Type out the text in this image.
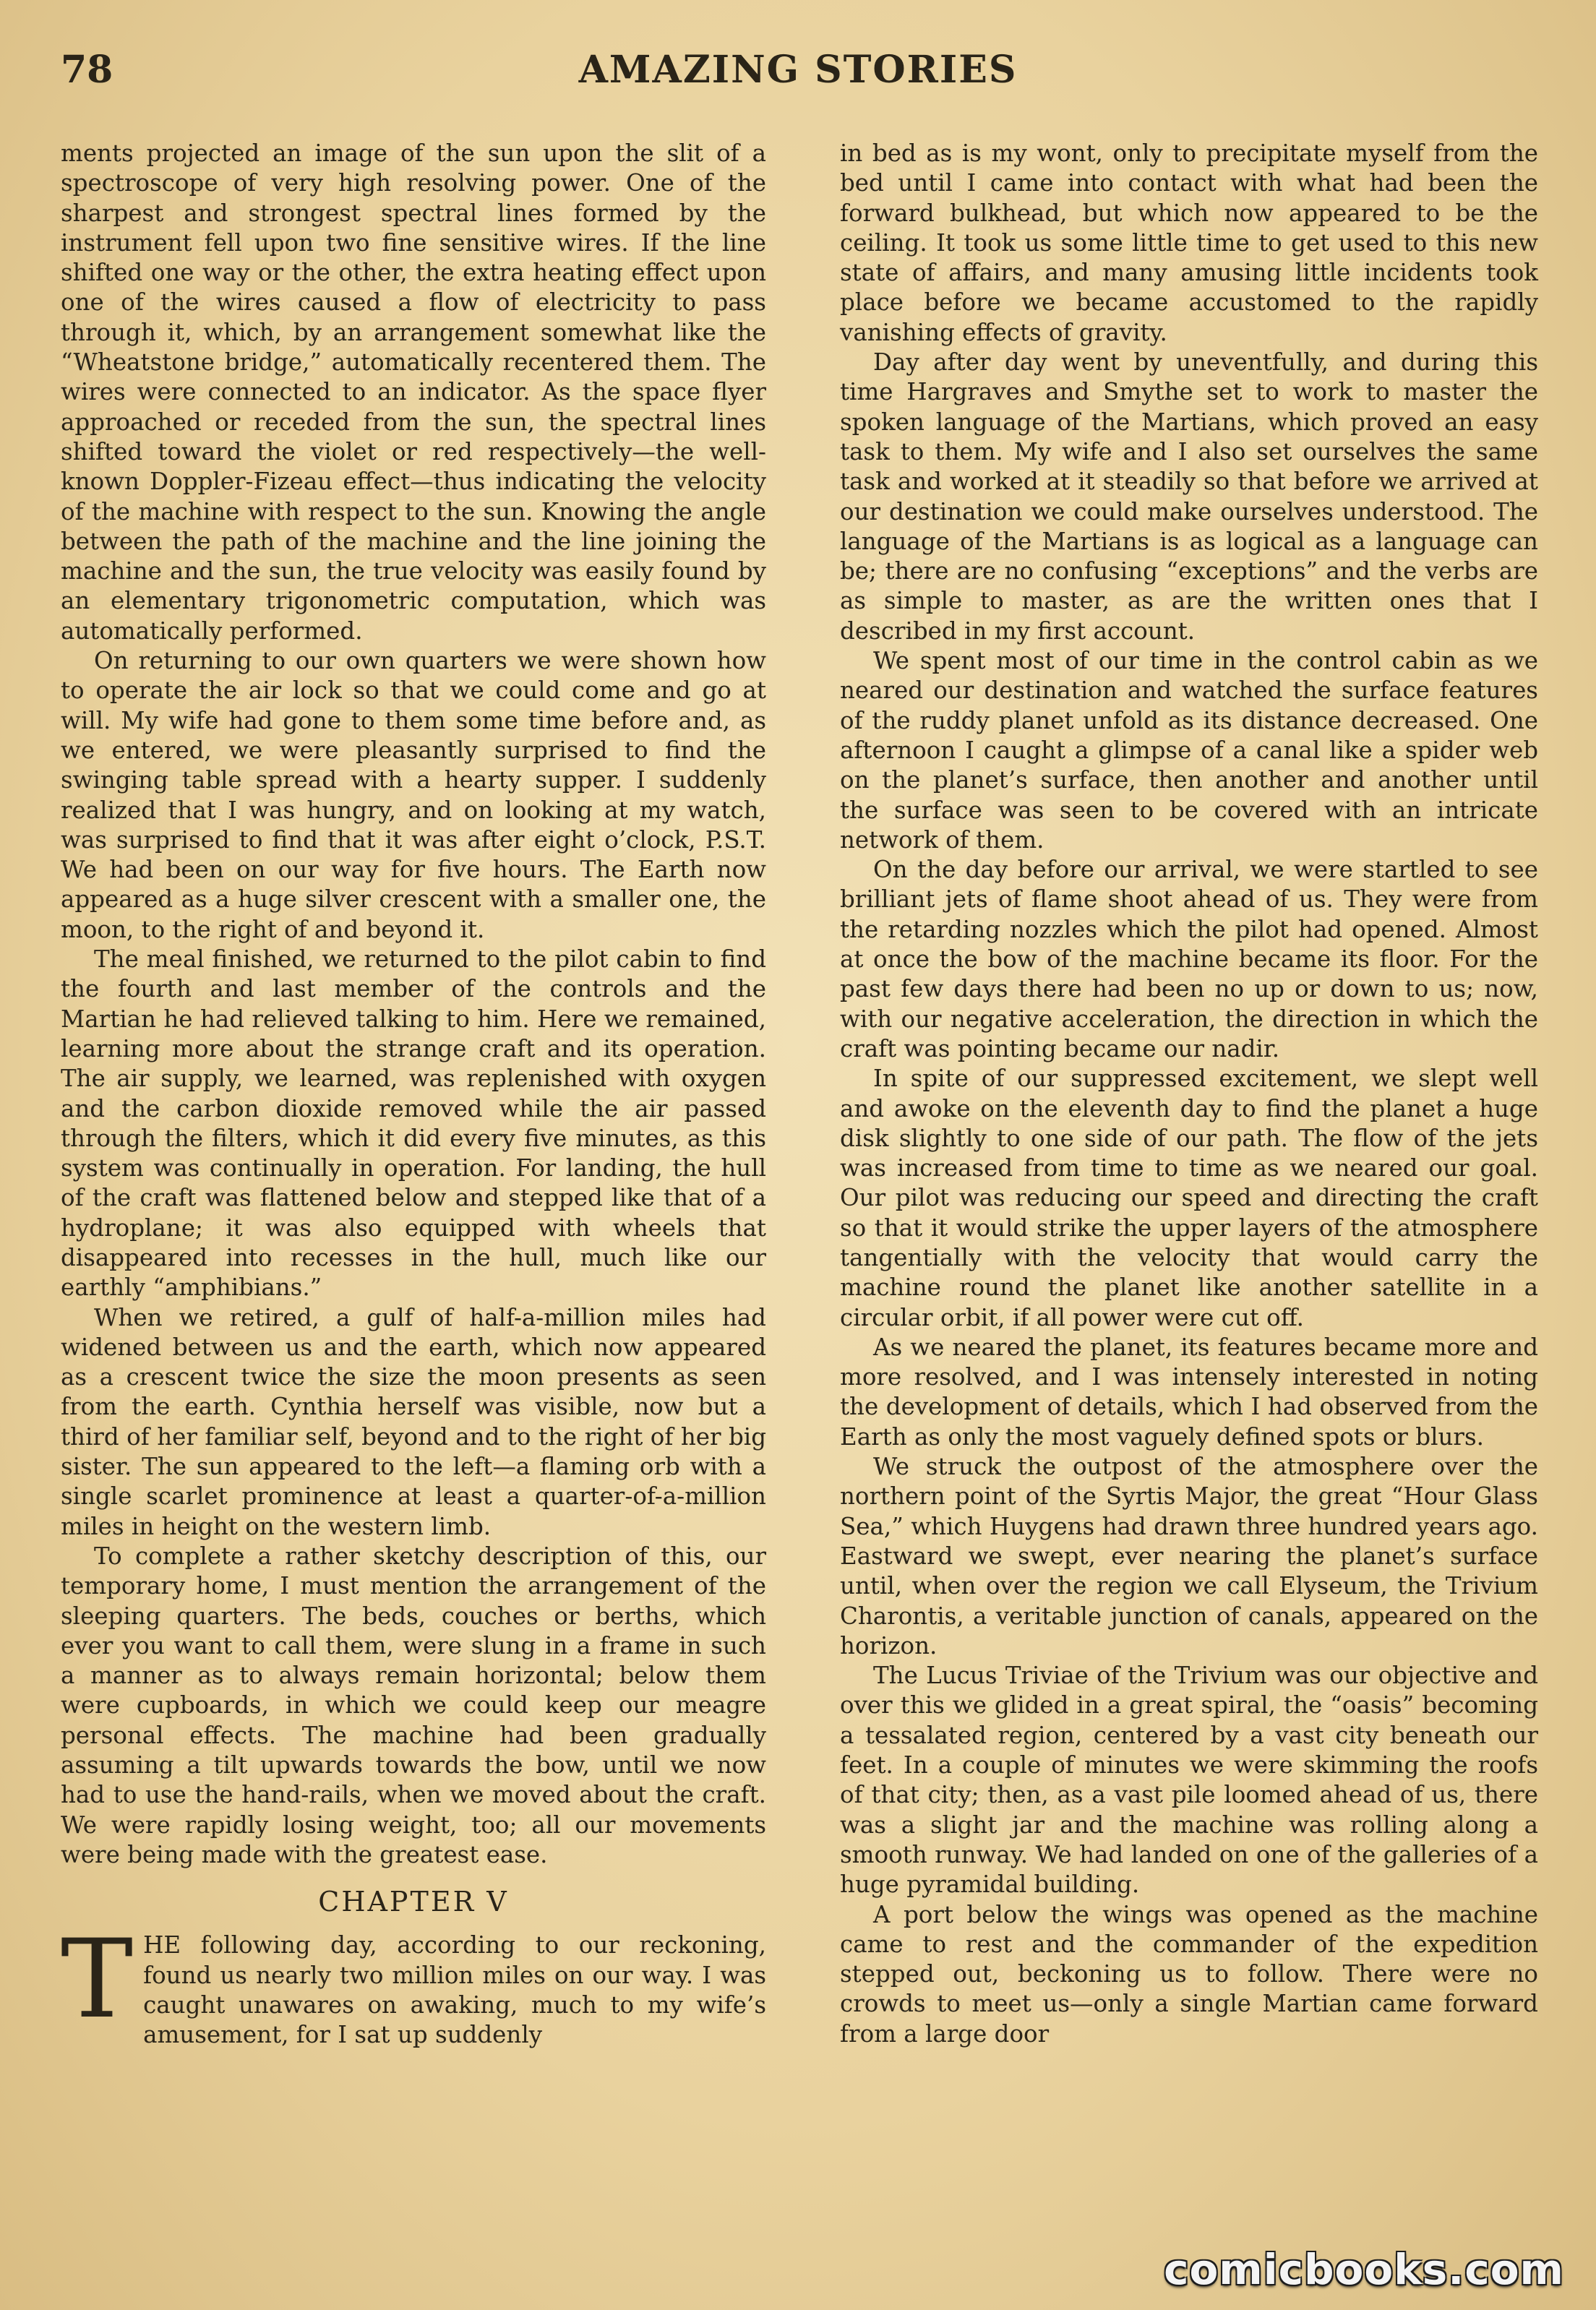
78	AMAZING STORIES

ments projected an image of the sun upon the slit of a spectroscope of very high resolving power. One of the sharpest and strongest spectral lines formed by the instrument fell upon two fine sensitive wires. If the line shifted one way or the other, the extra heating effect upon one of the wires caused a flow of electricity to pass through it, which, by an arrangement somewhat like the “Wheatstone bridge,” automatically recentered them. The wires were connected to an indicator. As the space flyer approached or receded from the sun, the spectral lines shifted toward the violet or red respectively—the well-known Doppler-Fizeau effect—thus indicating the velocity of the machine with respect to the sun. Knowing the angle between the path of the machine and the line joining the machine and the sun, the true velocity was easily found by an elementary trigonometric computation, which was automatically performed.

On returning to our own quarters we were shown how to operate the air lock so that we could come and go at will. My wife had gone to them some time before and, as we entered, we were pleasantly surprised to find the swinging table spread with a hearty supper. I suddenly realized that I was hungry, and on looking at my watch, was surprised to find that it was after eight o’clock, P.S.T. We had been on our way for five hours. The Earth now appeared as a huge silver crescent with a smaller one, the moon, to the right of and beyond it.

The meal finished, we returned to the pilot cabin to find the fourth and last member of the controls and the Martian he had relieved talking to him. Here we remained, learning more about the strange craft and its operation. The air supply, we learned, was replenished with oxygen and the carbon dioxide removed while the air passed through the filters, which it did every five minutes, as this system was continually in operation. For landing, the hull of the craft was flattened below and stepped like that of a hydroplane; it was also equipped with wheels that disappeared into recesses in the hull, much like our earthly “amphibians.”

When we retired, a gulf of half-a-million miles had widened between us and the earth, which now appeared as a crescent twice the size the moon presents as seen from the earth. Cynthia herself was visible, now but a third of her familiar self, beyond and to the right of her big sister. The sun appeared to the left—a flaming orb with a single scarlet prominence at least a quarter-of-a-million miles in height on the western limb.

To complete a rather sketchy description of this, our temporary home, I must mention the arrangement of the sleeping quarters. The beds, couches or berths, which ever you want to call them, were slung in a frame in such a manner as to always remain horizontal; below them were cupboards, in which we could keep our meagre personal effects. The machine had been gradually assuming a tilt upwards towards the bow, until we now had to use the hand-rails, when we moved about the craft. We were rapidly losing weight, too; all our movements were being made with the greatest ease.

CHAPTER V

THE following day, according to our reckoning, found us nearly two million miles on our way. I was caught unawares on awaking, much to my wife’s amusement, for I sat up suddenly

in bed as is my wont, only to precipitate myself from the bed until I came into contact with what had been the forward bulkhead, but which now appeared to be the ceiling. It took us some little time to get used to this new state of affairs, and many amusing little incidents took place before we became accustomed to the rapidly vanishing effects of gravity.

Day after day went by uneventfully, and during this time Hargraves and Smythe set to work to master the spoken language of the Martians, which proved an easy task to them. My wife and I also set ourselves the same task and worked at it steadily so that before we arrived at our destination we could make ourselves understood. The language of the Martians is as logical as a language can be; there are no confusing “exceptions” and the verbs are as simple to master, as are the written ones that I described in my first account.

We spent most of our time in the control cabin as we neared our destination and watched the surface features of the ruddy planet unfold as its distance decreased. One afternoon I caught a glimpse of a canal like a spider web on the planet’s surface, then another and another until the surface was seen to be covered with an intricate network of them.

On the day before our arrival, we were startled to see brilliant jets of flame shoot ahead of us. They were from the retarding nozzles which the pilot had opened. Almost at once the bow of the machine became its floor. For the past few days there had been no up or down to us; now, with our negative acceleration, the direction in which the craft was pointing became our nadir.

In spite of our suppressed excitement, we slept well and awoke on the eleventh day to find the planet a huge disk slightly to one side of our path. The flow of the jets was increased from time to time as we neared our goal. Our pilot was reducing our speed and directing the craft so that it would strike the upper layers of the atmosphere tangentially with the velocity that would carry the machine round the planet like another satellite in a circular orbit, if all power were cut off.

As we neared the planet, its features became more and more resolved, and I was intensely interested in noting the development of details, which I had observed from the Earth as only the most vaguely defined spots or blurs.

We struck the outpost of the atmosphere over the northern point of the Syrtis Major, the great “Hour Glass Sea,” which Huygens had drawn three hundred years ago. Eastward we swept, ever nearing the planet’s surface until, when over the region we call Elyseum, the Trivium Charontis, a veritable junction of canals, appeared on the horizon.

The Lucus Triviae of the Trivium was our objective and over this we glided in a great spiral, the “oasis” becoming a tessalated region, centered by a vast city beneath our feet. In a couple of minutes we were skimming the roofs of that city; then, as a vast pile loomed ahead of us, there was a slight jar and the machine was rolling along a smooth runway. We had landed on one of the galleries of a huge pyramidal building.

A port below the wings was opened as the machine came to rest and the commander of the expedition stepped out, beckoning us to follow. There were no crowds to meet us—only a single Martian came forward from a large door

comicbooks.com
